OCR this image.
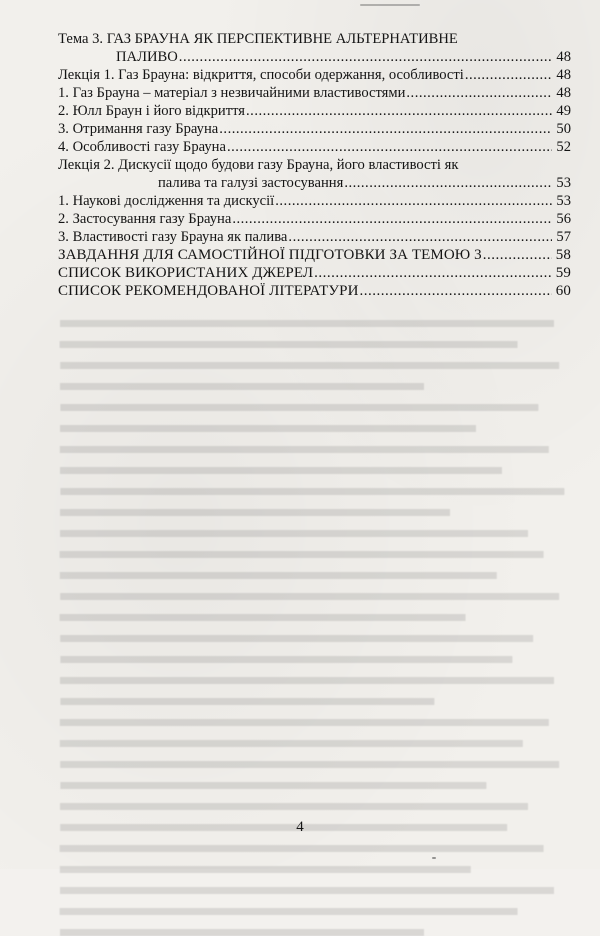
Тема 3. ГАЗ БРАУНА ЯК ПЕРСПЕКТИВНЕ АЛЬТЕРНАТИВНЕ
ПАЛИВО .....	48
Лекція 1. Газ Брауна: відкриття, способи одержання, особливості .....	48
1. Газ Брауна – матеріал з незвичайними властивостями .....	48
2. Юлл Браун і його відкриття .....	49
3. Отримання газу Брауна .....	50
4. Особливості газу Брауна .....	52
Лекція 2. Дискусії щодо будови газу Брауна, його властивості як
палива та галузі застосування .....	53
1. Наукові дослідження та дискусії .....	53
2. Застосування газу Брауна .....	56
3. Властивості газу Брауна як палива .....	57
ЗАВДАННЯ ДЛЯ САМОСТІЙНОЇ ПІДГОТОВКИ ЗА ТЕМОЮ 3 .....	58
СПИСОК ВИКОРИСТАНИХ ДЖЕРЕЛ .....	59
СПИСОК РЕКОМЕНДОВАНОЇ ЛІТЕРАТУРИ .....	60
4
